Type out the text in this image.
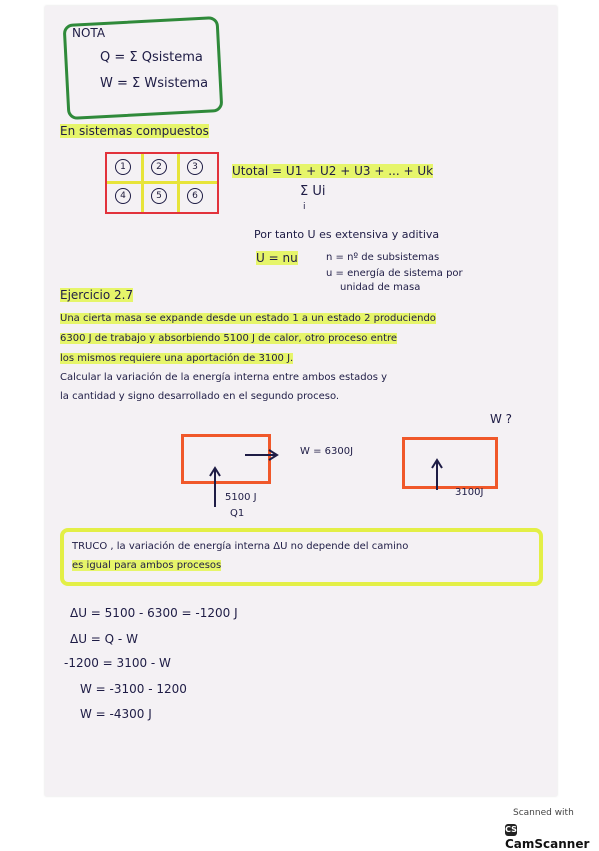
NOTA
Q = Σ Qsistema
W = Σ Wsistema
En sistemas compuestos
1	2	3
4	5	6
Utotal = U1 + U2 + U3 + ... + Uk
Σ Ui
i
Por tanto U es extensiva y aditiva
U = nu	n = nº de subsistemas
u = energía de sistema por
unidad de masa
Ejercicio 2.7
Una cierta masa se expande desde un estado 1 a un estado 2 produciendo
6300 J de trabajo y absorbiendo 5100 J de calor, otro proceso entre
los mismos requiere una aportación de 3100 J.
Calcular la variación de la energía interna entre ambos estados y
la cantidad y signo desarrollado en el segundo proceso.
W ?
W = 6300J
5100 J
Q1
3100J
TRUCO , la variación de energía interna ΔU no depende del camino
es igual para ambos procesos
ΔU = 5100 - 6300 = -1200 J
ΔU = Q - W
-1200 = 3100 - W
W = -3100 - 1200
W = -4300 J
Scanned with
CSCamScanner
